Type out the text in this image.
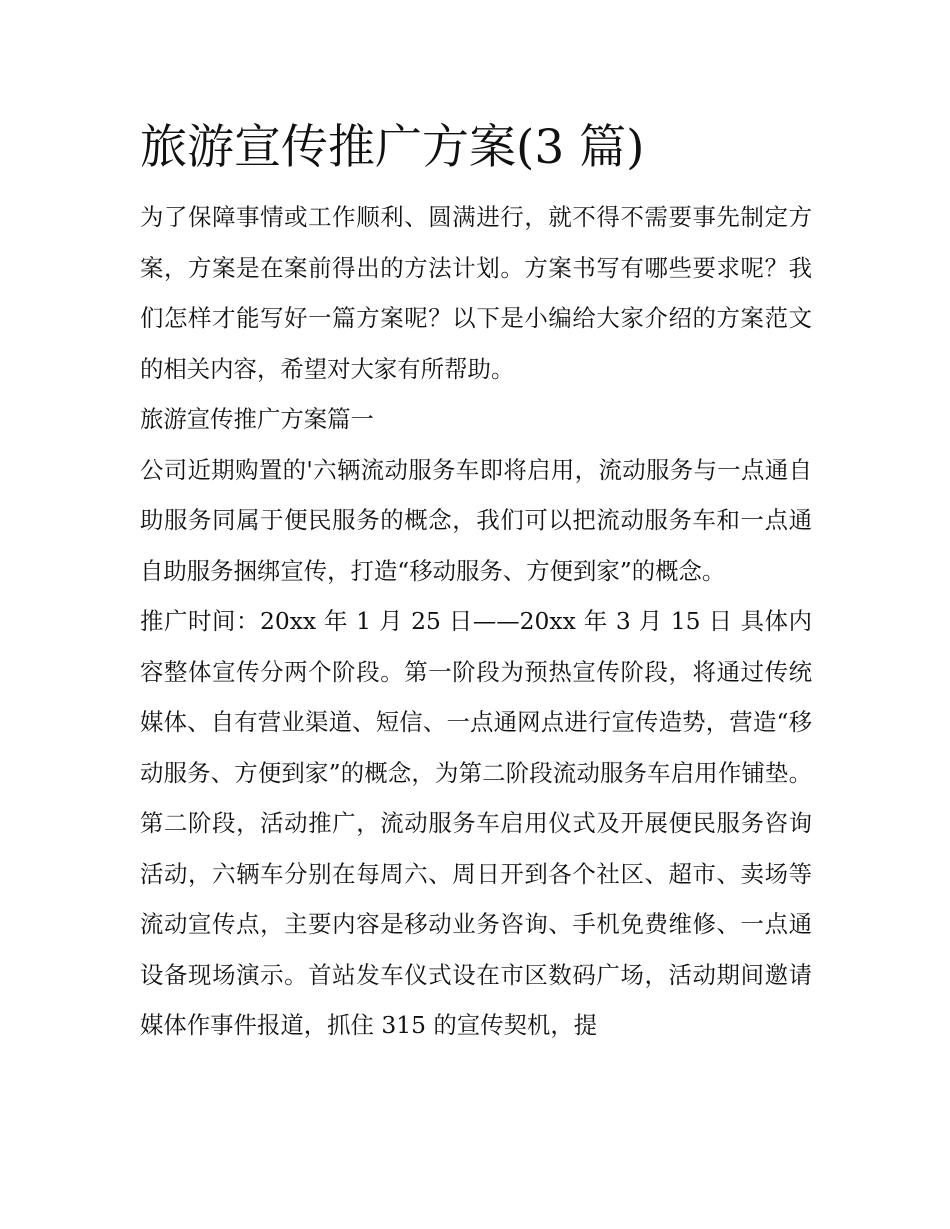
旅游宣传推广方案(3 篇)

为了保障事情或工作顺利、圆满进行，就不得不需要事先制定方案，方案是在案前得出的方法计划。方案书写有哪些要求呢？我们怎样才能写好一篇方案呢？以下是小编给大家介绍的方案范文的相关内容，希望对大家有所帮助。

旅游宣传推广方案篇一

公司近期购置的'六辆流动服务车即将启用，流动服务与一点通自助服务同属于便民服务的概念，我们可以把流动服务车和一点通自助服务捆绑宣传，打造“移动服务、方便到家”的概念。

推广时间：20xx 年 1 月 25 日——20xx 年 3 月 15 日 具体内容整体宣传分两个阶段。第一阶段为预热宣传阶段，将通过传统媒体、自有营业渠道、短信、一点通网点进行宣传造势，营造“移动服务、方便到家”的概念，为第二阶段流动服务车启用作铺垫。第二阶段，活动推广，流动服务车启用仪式及开展便民服务咨询活动，六辆车分别在每周六、周日开到各个社区、超市、卖场等流动宣传点，主要内容是移动业务咨询、手机免费维修、一点通设备现场演示。首站发车仪式设在市区数码广场，活动期间邀请媒体作事件报道，抓住 315 的宣传契机，提
